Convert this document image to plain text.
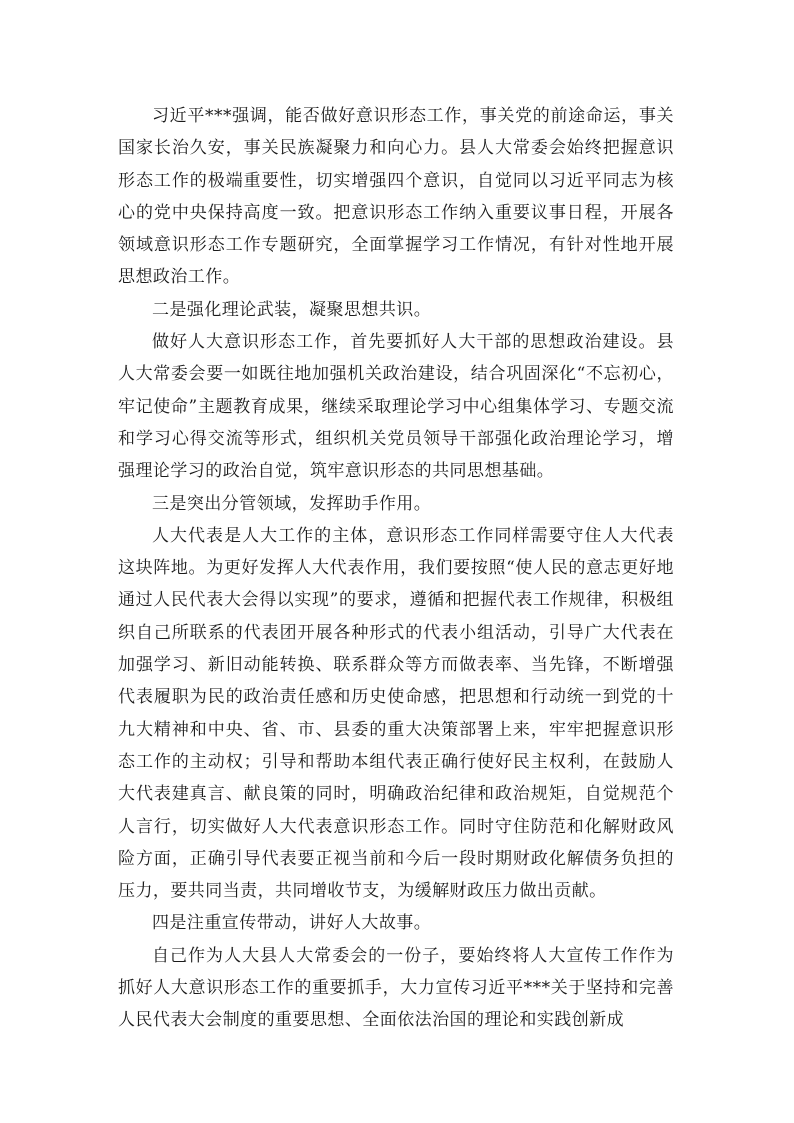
习近平***强调，能否做好意识形态工作，事关党的前途命运，事关国家长治久安，事关民族凝聚力和向心力。县人大常委会始终把握意识形态工作的极端重要性，切实增强四个意识，自觉同以习近平同志为核心的党中央保持高度一致。把意识形态工作纳入重要议事日程，开展各领域意识形态工作专题研究，全面掌握学习工作情况，有针对性地开展思想政治工作。

二是强化理论武装，凝聚思想共识。

做好人大意识形态工作，首先要抓好人大干部的思想政治建设。县人大常委会要一如既往地加强机关政治建设，结合巩固深化“不忘初心，牢记使命”主题教育成果，继续采取理论学习中心组集体学习、专题交流和学习心得交流等形式，组织机关党员领导干部强化政治理论学习，增强理论学习的政治自觉，筑牢意识形态的共同思想基础。

三是突出分管领域，发挥助手作用。

人大代表是人大工作的主体，意识形态工作同样需要守住人大代表这块阵地。为更好发挥人大代表作用，我们要按照“使人民的意志更好地通过人民代表大会得以实现”的要求，遵循和把握代表工作规律，积极组织自己所联系的代表团开展各种形式的代表小组活动，引导广大代表在加强学习、新旧动能转换、联系群众等方而做表率、当先锋，不断增强代表履职为民的政治责任感和历史使命感，把思想和行动统一到党的十九大精神和中央、省、市、县委的重大决策部署上来，牢牢把握意识形态工作的主动权；引导和帮助本组代表正确行使好民主权利，在鼓励人大代表建真言、献良策的同时，明确政治纪律和政治规矩，自觉规范个人言行，切实做好人大代表意识形态工作。同时守住防范和化解财政风险方面，正确引导代表要正视当前和今后一段时期财政化解债务负担的压力，要共同当责，共同增收节支，为缓解财政压力做出贡献。

四是注重宣传带动，讲好人大故事。

自己作为人大县人大常委会的一份子，要始终将人大宣传工作作为抓好人大意识形态工作的重要抓手，大力宣传习近平***关于坚持和完善人民代表大会制度的重要思想、全面依法治国的理论和实践创新成
